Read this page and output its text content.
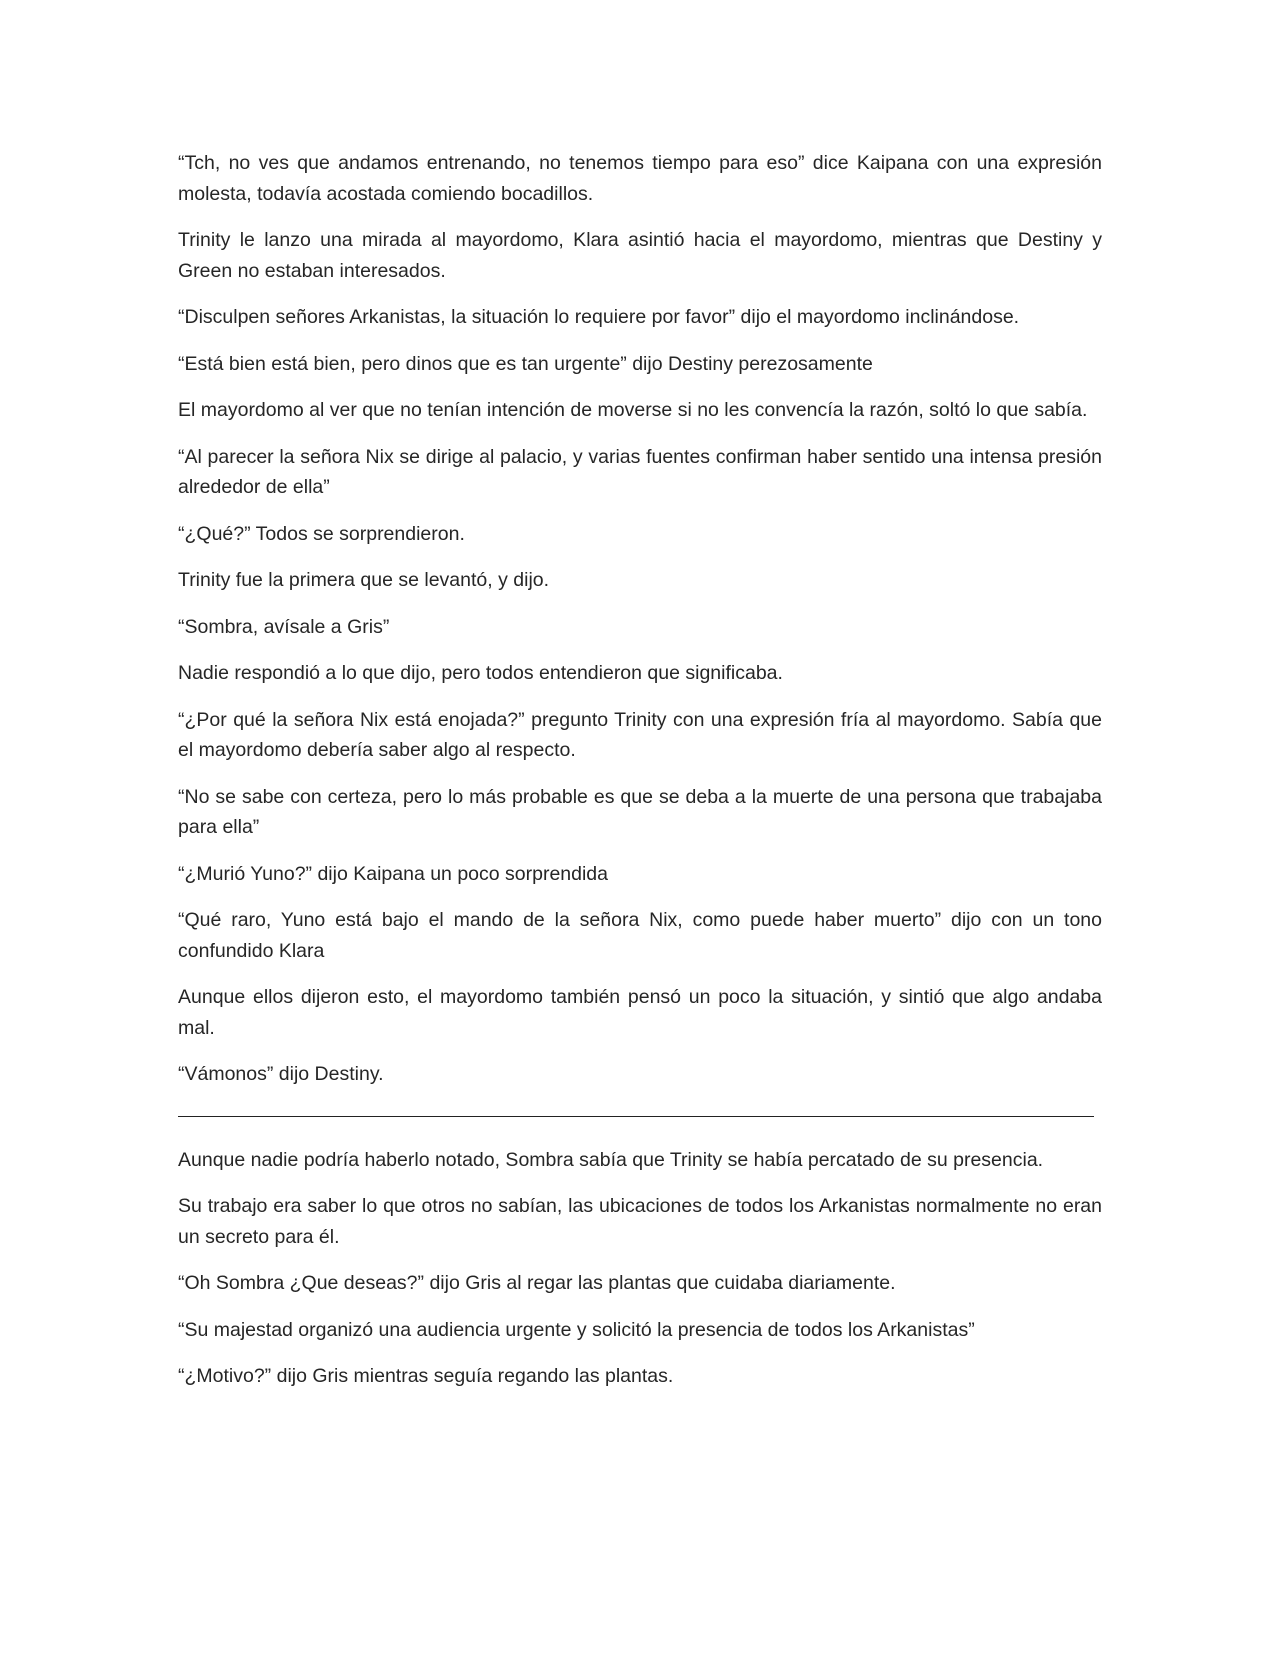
“Tch, no ves que andamos entrenando, no tenemos tiempo para eso” dice Kaipana con una expresión molesta, todavía acostada comiendo bocadillos.

Trinity le lanzo una mirada al mayordomo, Klara asintió hacia el mayordomo, mientras que Destiny y Green no estaban interesados.

“Disculpen señores Arkanistas, la situación lo requiere por favor” dijo el mayordomo inclinándose.

“Está bien está bien, pero dinos que es tan urgente” dijo Destiny perezosamente

El mayordomo al ver que no tenían intención de moverse si no les convencía la razón, soltó lo que sabía.

“Al parecer la señora Nix se dirige al palacio, y varias fuentes confirman haber sentido una intensa presión alrededor de ella”

“¿Qué?” Todos se sorprendieron.

Trinity fue la primera que se levantó, y dijo.

“Sombra, avísale a Gris”

Nadie respondió a lo que dijo, pero todos entendieron que significaba.

“¿Por qué la señora Nix está enojada?” pregunto Trinity con una expresión fría al mayordomo. Sabía que el mayordomo debería saber algo al respecto.

“No se sabe con certeza, pero lo más probable es que se deba a la muerte de una persona que trabajaba para ella”

“¿Murió Yuno?” dijo Kaipana un poco sorprendida

“Qué raro, Yuno está bajo el mando de la señora Nix, como puede haber muerto” dijo con un tono confundido Klara

Aunque ellos dijeron esto, el mayordomo también pensó un poco la situación, y sintió que algo andaba mal.

“Vámonos” dijo Destiny.

Aunque nadie podría haberlo notado, Sombra sabía que Trinity se había percatado de su presencia.

Su trabajo era saber lo que otros no sabían, las ubicaciones de todos los Arkanistas normalmente no eran un secreto para él.

“Oh Sombra ¿Que deseas?” dijo Gris al regar las plantas que cuidaba diariamente.

“Su majestad organizó una audiencia urgente y solicitó la presencia de todos los Arkanistas”

“¿Motivo?” dijo Gris mientras seguía regando las plantas.
